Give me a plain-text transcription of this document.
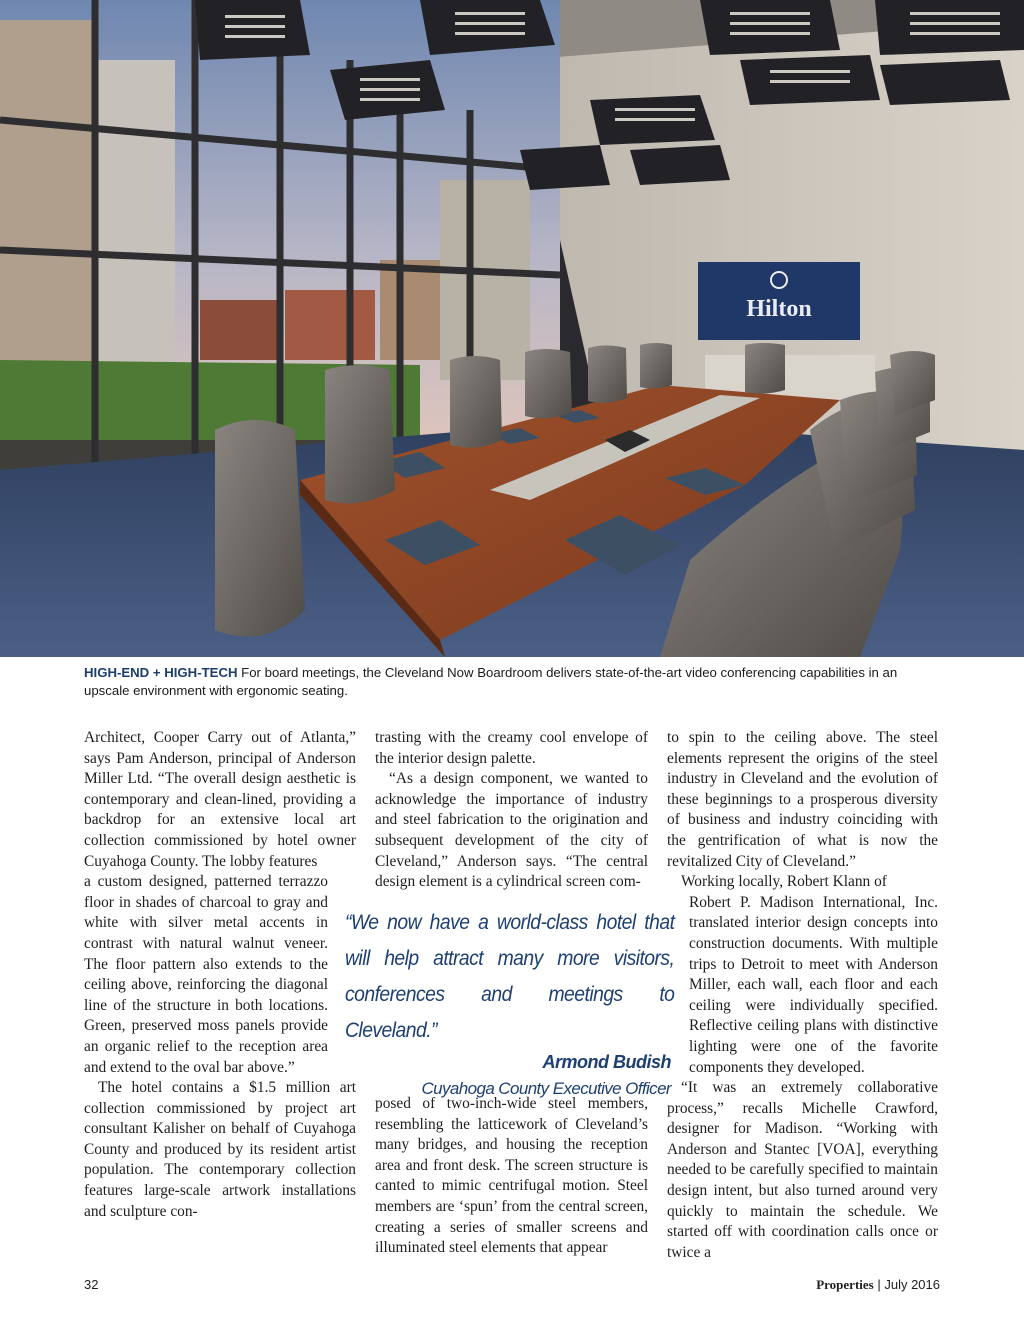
Hilton
HIGH-END + HIGH-TECH For board meetings, the Cleveland Now Boardroom delivers state-of-the-art video conferencing capabilities in an upscale environment with ergonomic seating.

Architect, Cooper Carry out of Atlanta,” says Pam Anderson, principal of Anderson Miller Ltd. “The overall design aesthetic is contemporary and clean-lined, providing a backdrop for an extensive local art collection commissioned by hotel owner Cuyahoga County. The lobby features

a custom designed, patterned terrazzo floor in shades of charcoal to gray and white with silver metal accents in contrast with natural walnut veneer. The floor pattern also extends to the ceiling above, reinforcing the diagonal line of the structure in both locations. Green, preserved moss panels provide an organic relief to the reception area and extend to the oval bar above.”

The hotel contains a $1.5 million art collection commissioned by project art consultant Kalisher on behalf of Cuyahoga County and produced by its resident artist population. The contemporary collection features large-scale artwork installations and sculpture con-

trasting with the creamy cool envelope of the interior design palette.

“As a design component, we wanted to acknowledge the importance of industry and steel fabrication to the origination and subsequent development of the city of Cleveland,” Anderson says. “The central design element is a cylindrical screen com-

“We now have a world-class hotel that will help attract many more visitors, conferences and meetings to Cleveland.”
Armond Budish
Cuyahoga County Executive Officer

posed of two-inch-wide steel members, resembling the latticework of Cleveland’s many bridges, and housing the reception area and front desk. The screen structure is canted to mimic centrifugal motion. Steel members are ‘spun’ from the central screen, creating a series of smaller screens and illuminated steel elements that appear

to spin to the ceiling above. The steel elements represent the origins of the steel industry in Cleveland and the evolution of these beginnings to a prosperous diversity of business and industry coinciding with the gentrification of what is now the revitalized City of Cleveland.”

Working locally, Robert Klann of

Robert P. Madison International, Inc. translated interior design concepts into construction documents. With multiple trips to Detroit to meet with Anderson Miller, each wall, each floor and each ceiling were individually specified. Reflective ceiling plans with distinctive lighting were one of the favorite components they developed.

“It was an extremely collaborative process,” recalls Michelle Crawford, designer for Madison. “Working with Anderson and Stantec [VOA], everything needed to be carefully specified to maintain design intent, but also turned around very quickly to maintain the schedule. We started off with coordination calls once or twice a

32	Properties | July 2016
